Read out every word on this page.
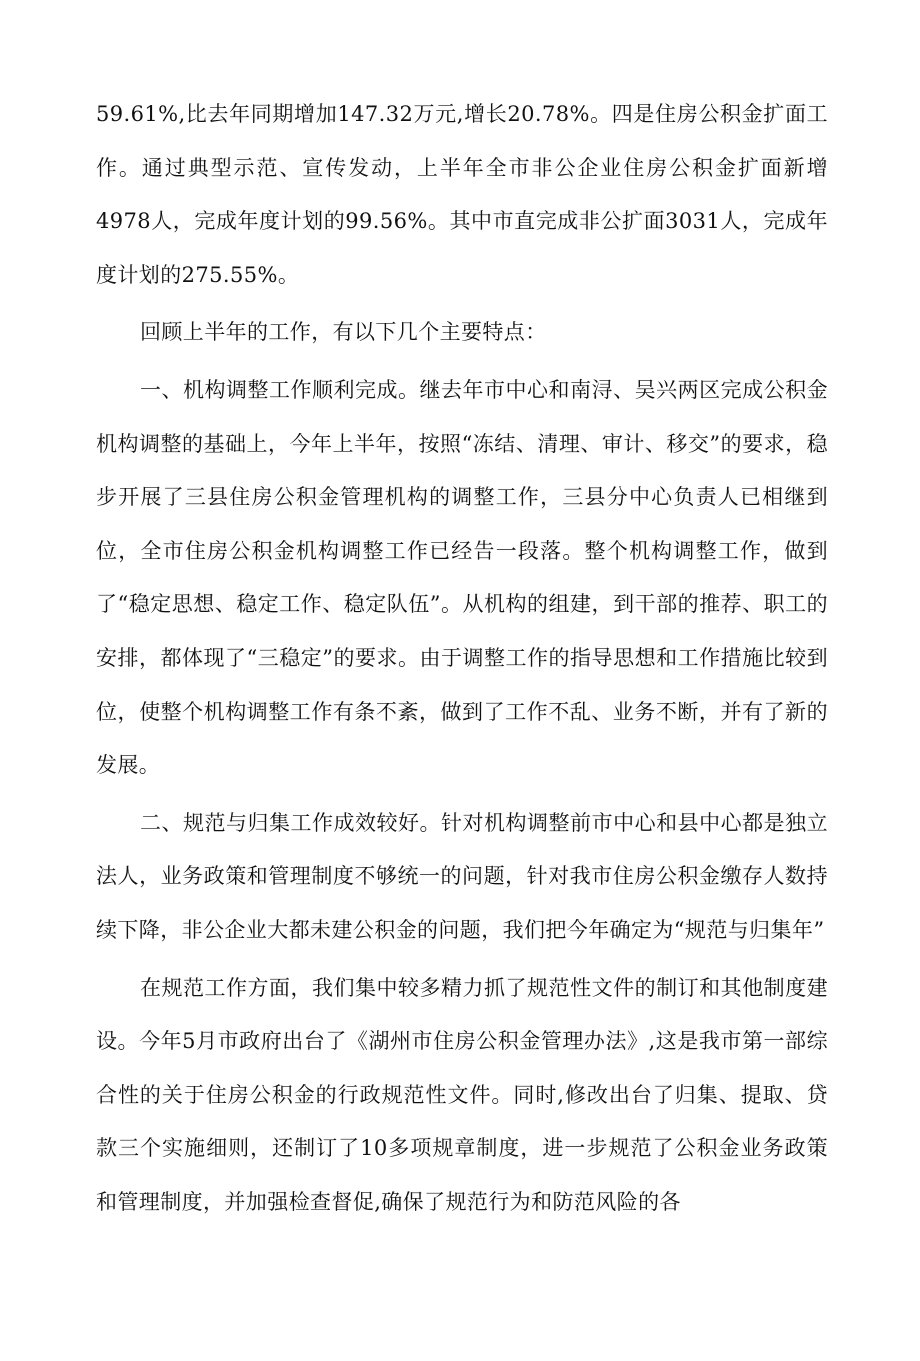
59.61%,比去年同期增加147.32万元,增长20.78%。四是住房公积金扩面工作。通过典型示范、宣传发动，上半年全市非公企业住房公积金扩面新增4978人，完成年度计划的99.56%。其中市直完成非公扩面3031人，完成年度计划的275.55%。

回顾上半年的工作，有以下几个主要特点：

一、机构调整工作顺利完成。继去年市中心和南浔、吴兴两区完成公积金机构调整的基础上，今年上半年，按照“冻结、清理、审计、移交”的要求，稳步开展了三县住房公积金管理机构的调整工作，三县分中心负责人已相继到位，全市住房公积金机构调整工作已经告一段落。整个机构调整工作，做到了“稳定思想、稳定工作、稳定队伍”。从机构的组建，到干部的推荐、职工的安排，都体现了“三稳定”的要求。由于调整工作的指导思想和工作措施比较到位，使整个机构调整工作有条不紊，做到了工作不乱、业务不断，并有了新的发展。

二、规范与归集工作成效较好。针对机构调整前市中心和县中心都是独立法人，业务政策和管理制度不够统一的问题，针对我市住房公积金缴存人数持续下降，非公企业大都未建公积金的问题，我们把今年确定为“规范与归集年”

在规范工作方面，我们集中较多精力抓了规范性文件的制订和其他制度建设。今年5月市政府出台了《湖州市住房公积金管理办法》,这是我市第一部综合性的关于住房公积金的行政规范性文件。同时,修改出台了归集、提取、贷款三个实施细则，还制订了10多项规章制度，进一步规范了公积金业务政策和管理制度，并加强检查督促,确保了规范行为和防范风险的各
